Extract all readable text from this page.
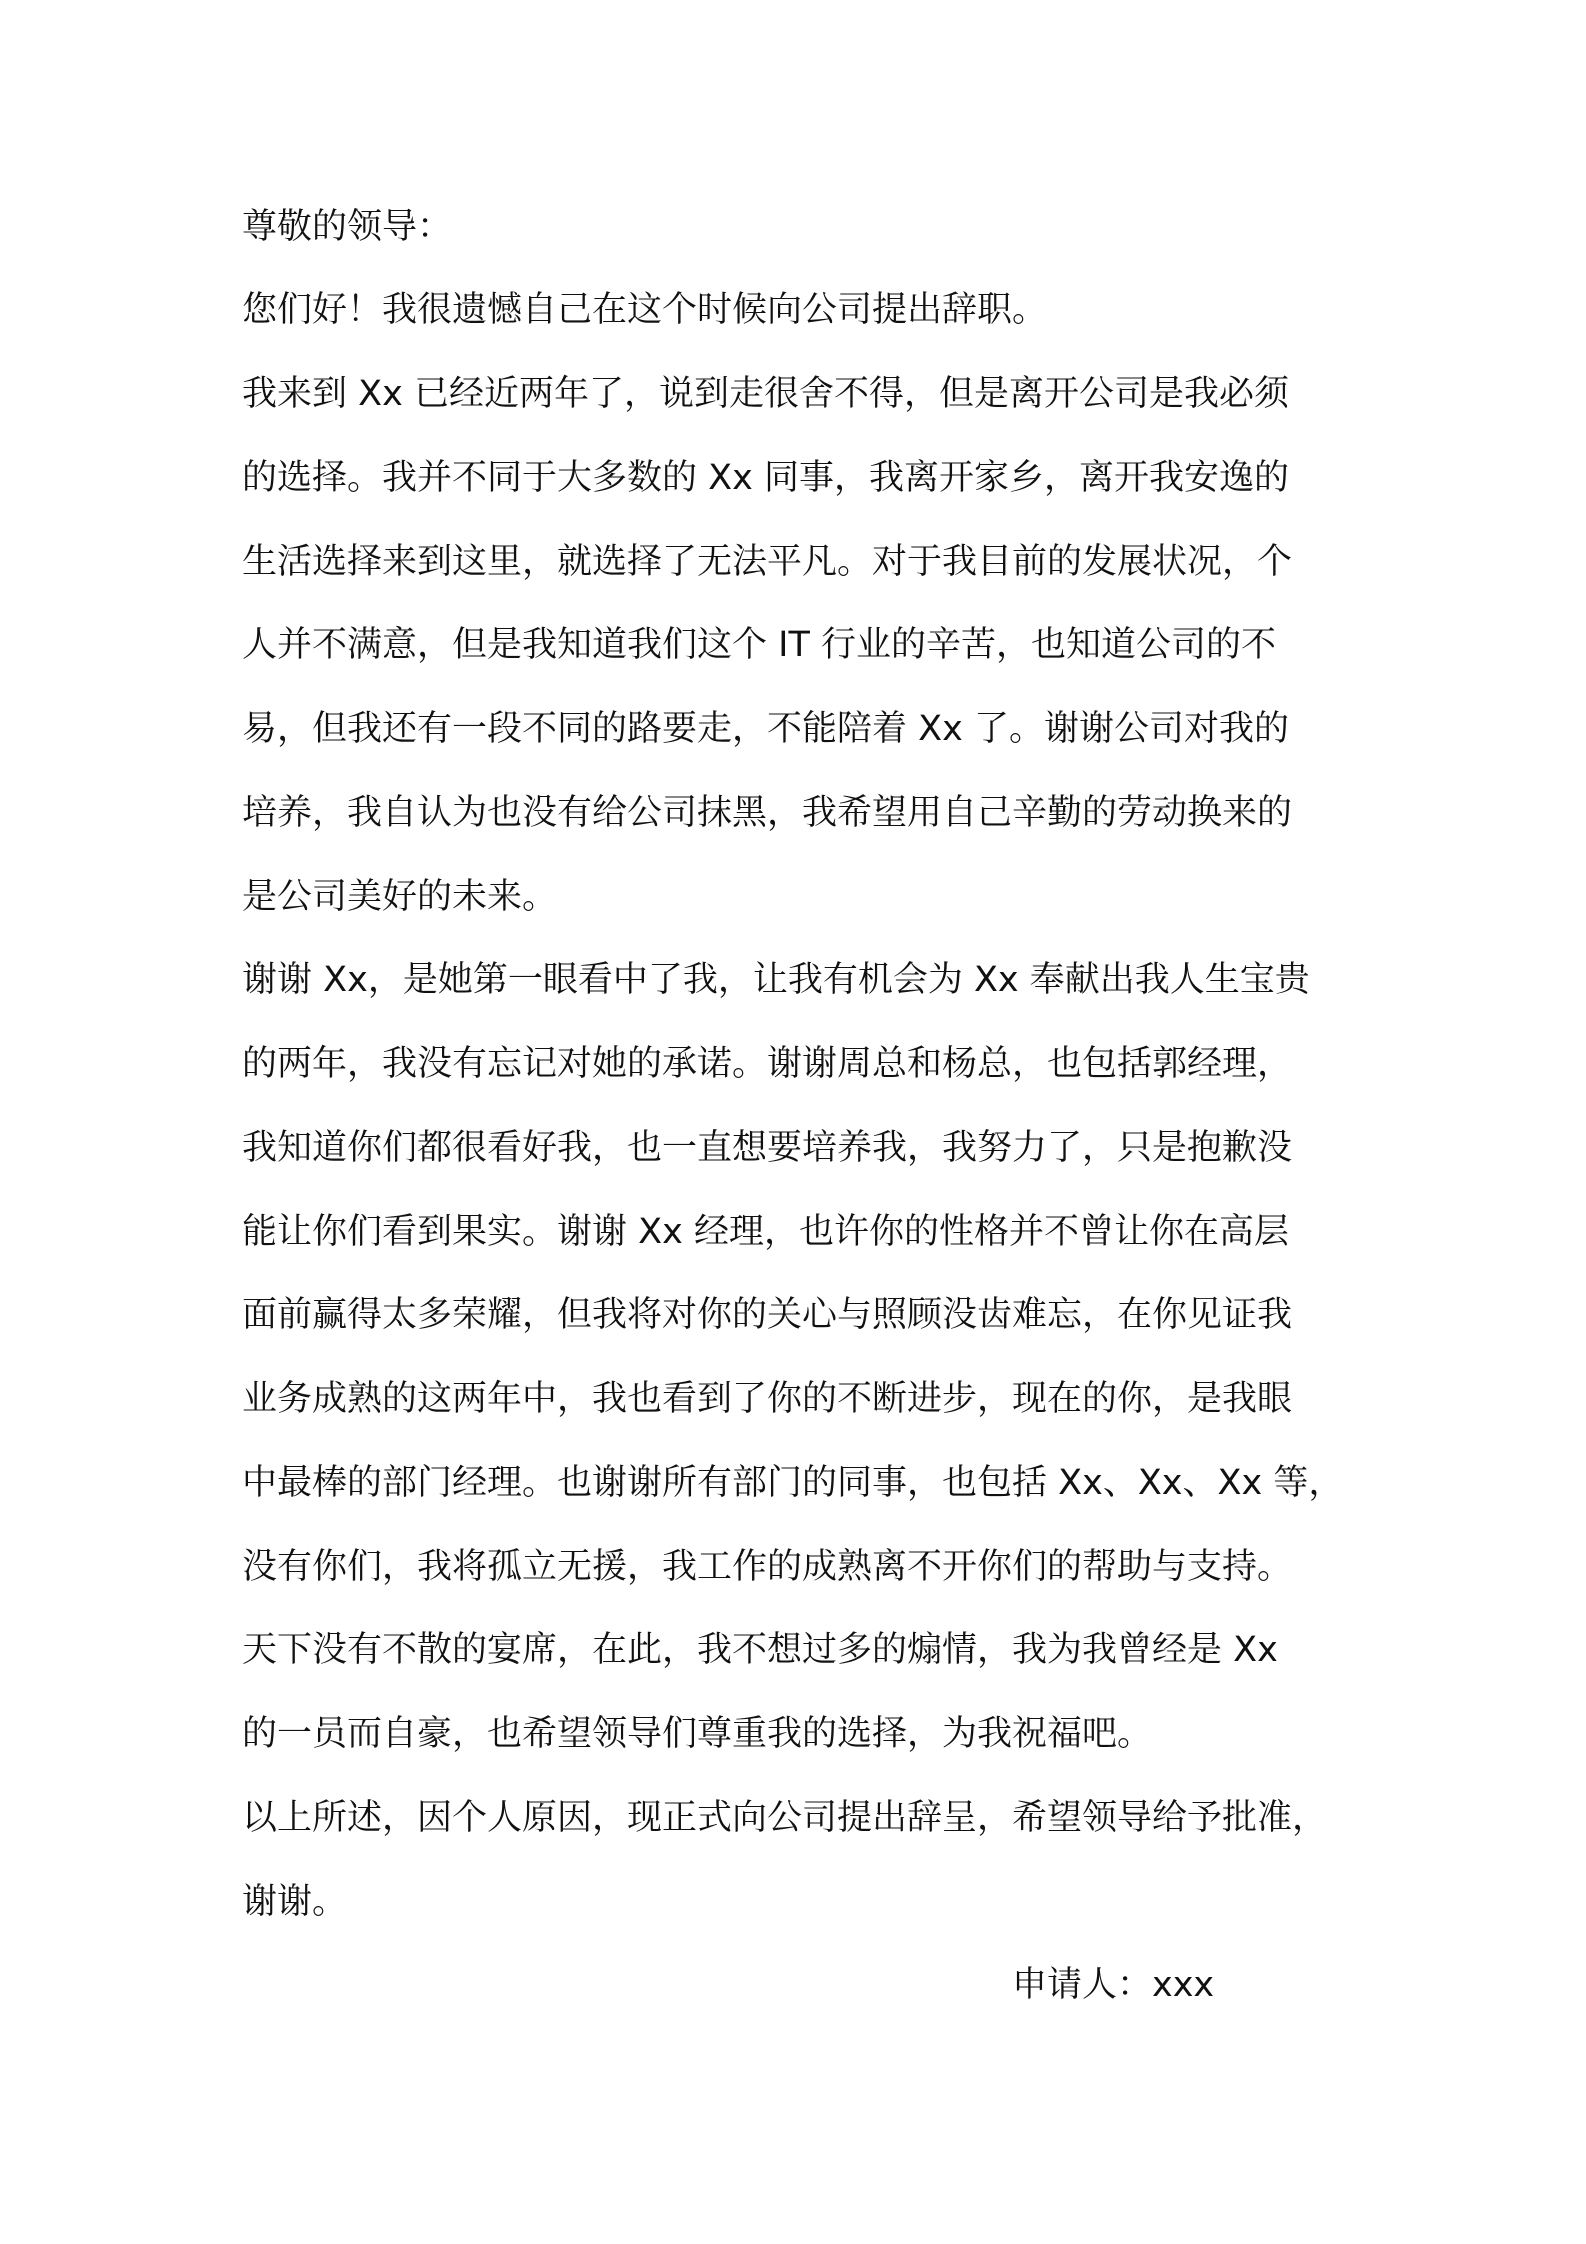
尊敬的领导：
您们好！我很遗憾自己在这个时候向公司提出辞职。
我来到 Xx 已经近两年了，说到走很舍不得，但是离开公司是我必须
的选择。我并不同于大多数的 Xx 同事，我离开家乡，离开我安逸的
生活选择来到这里，就选择了无法平凡。对于我目前的发展状况，个
人并不满意，但是我知道我们这个 IT 行业的辛苦，也知道公司的不
易，但我还有一段不同的路要走，不能陪着 Xx 了。谢谢公司对我的
培养，我自认为也没有给公司抹黑，我希望用自己辛勤的劳动换来的
是公司美好的未来。
谢谢 Xx，是她第一眼看中了我，让我有机会为 Xx 奉献出我人生宝贵
的两年，我没有忘记对她的承诺。谢谢周总和杨总，也包括郭经理，
我知道你们都很看好我，也一直想要培养我，我努力了，只是抱歉没
能让你们看到果实。谢谢 Xx 经理，也许你的性格并不曾让你在高层
面前赢得太多荣耀，但我将对你的关心与照顾没齿难忘，在你见证我
业务成熟的这两年中，我也看到了你的不断进步，现在的你，是我眼
中最棒的部门经理。也谢谢所有部门的同事，也包括 Xx、Xx、Xx 等，
没有你们，我将孤立无援，我工作的成熟离不开你们的帮助与支持。
天下没有不散的宴席，在此，我不想过多的煽情，我为我曾经是 Xx
的一员而自豪，也希望领导们尊重我的选择，为我祝福吧。
以上所述，因个人原因，现正式向公司提出辞呈，希望领导给予批准，
谢谢。
申请人：xxx
